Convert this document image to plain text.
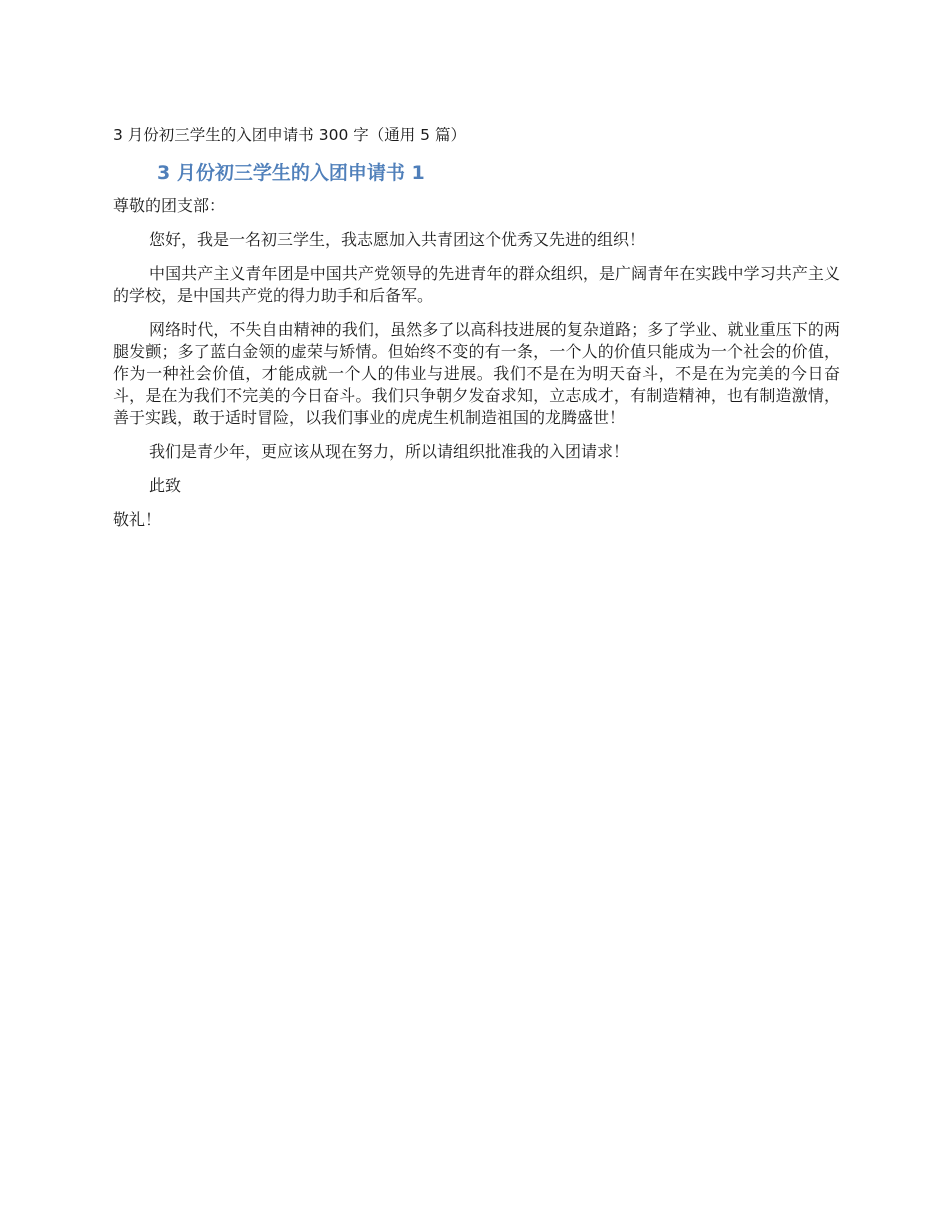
3 月份初三学生的入团申请书 300 字（通用 5 篇）
3 月份初三学生的入团申请书 1
尊敬的团支部：

您好，我是一名初三学生，我志愿加入共青团这个优秀又先进的组织！

中国共产主义青年团是中国共产党领导的先进青年的群众组织，是广阔青年在实践中学习共产主义的学校，是中国共产党的得力助手和后备军。

网络时代，不失自由精神的我们，虽然多了以高科技进展的复杂道路；多了学业、就业重压下的两腿发颤；多了蓝白金领的虚荣与矫情。但始终不变的有一条，一个人的价值只能成为一个社会的价值，作为一种社会价值，才能成就一个人的伟业与进展。我们不是在为明天奋斗，不是在为完美的今日奋斗，是在为我们不完美的今日奋斗。我们只争朝夕发奋求知，立志成才，有制造精神，也有制造激情，善于实践，敢于适时冒险，以我们事业的虎虎生机制造祖国的龙腾盛世！

我们是青少年，更应该从现在努力，所以请组织批准我的入团请求！

此致

敬礼！
